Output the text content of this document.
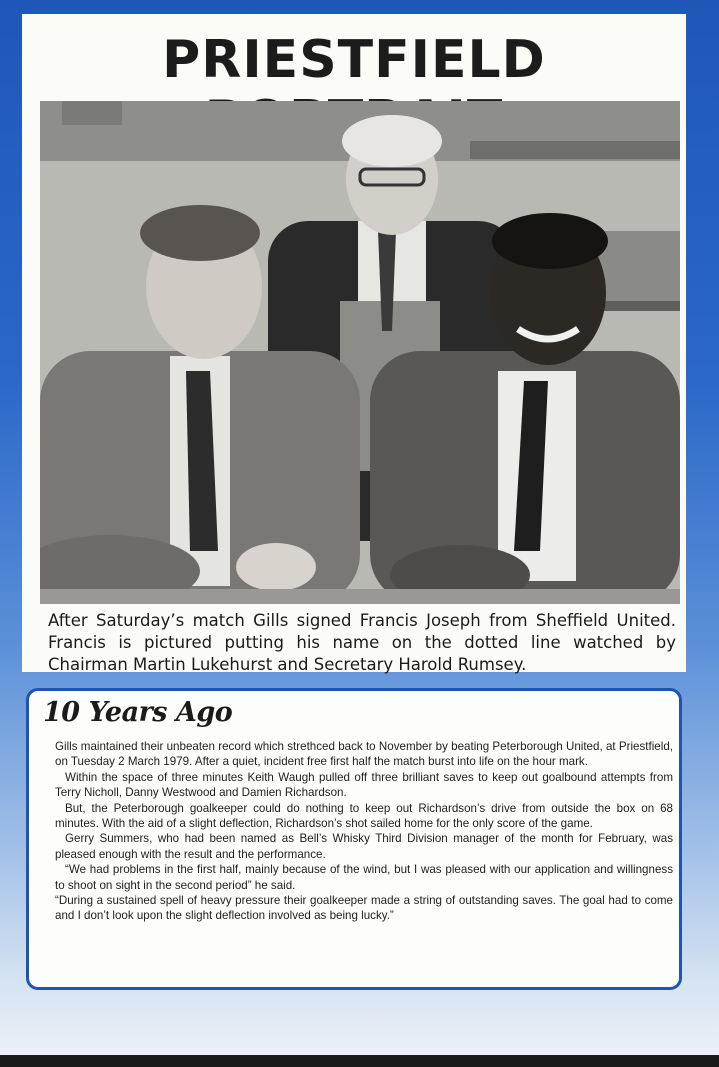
PRIESTFIELD

After Saturday’s match Gills signed Francis Joseph from Sheffield United. Francis is pictured putting his name on the dotted line watched by Chairman Martin Lukehurst and Secretary Harold Rumsey.

10 Years Ago

Gills maintained their unbeaten record which strethced back to November by beating Peterborough United, at Priestfield, on Tuesday 2 March 1979. After a quiet, incident free first half the match burst into life on the hour mark.

Within the space of three minutes Keith Waugh pulled off three brilliant saves to keep out goalbound attempts from Terry Nicholl, Danny Westwood and Damien Richardson.

But, the Peterborough goalkeeper could do nothing to keep out Richardson’s drive from outside the box on 68 minutes. With the aid of a slight deflection, Richardson’s shot sailed home for the only score of the game.

Gerry Summers, who had been named as Bell’s Whisky Third Division manager of the month for February, was pleased enough with the result and the performance.

“We had problems in the first half, mainly because of the wind, but I was pleased with our application and willingness to shoot on sight in the second period” he said.

“During a sustained spell of heavy pressure their goalkeeper made a string of outstanding saves. The goal had to come and I don’t look upon the slight deflection involved as being lucky.”
